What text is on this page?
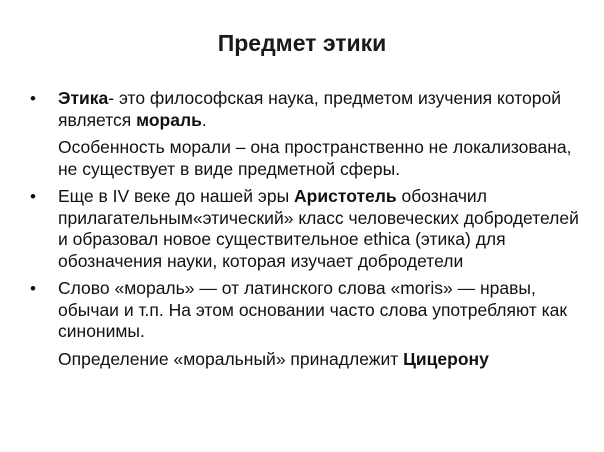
Предмет этики
• Этика- это философская наука, предметом изучения которой является мораль.
Особенность морали – она пространственно не локализована, не существует в виде предметной сферы.
• Еще в IV веке до нашей эры Аристотель обозначил прилагательным«этический» класс человеческих добродетелей и образовал новое существительное ethica (этика) для обозначения науки, которая изучает добродетели
• Слово «мораль» — от латинского слова «moris» — нравы, обычаи и т.п. На этом основании часто слова употребляют как синонимы.
Определение «моральный» принадлежит Цицерону
